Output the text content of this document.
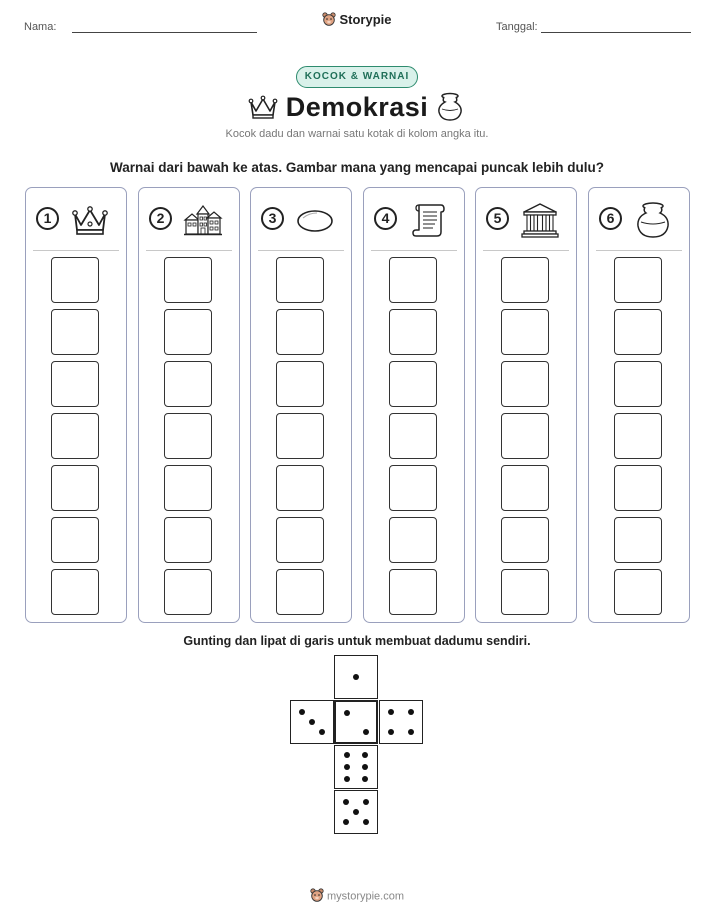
Nama:	Storypie	Tanggal:
KOCOK & WARNAI
Demokrasi
Kocok dadu dan warnai satu kotak di kolom angka itu.
Warnai dari bawah ke atas. Gambar mana yang mencapai puncak lebih dulu?
1	2	3	4	5	6
Gunting dan lipat di garis untuk membuat dadumu sendiri.
mystorypie.com
